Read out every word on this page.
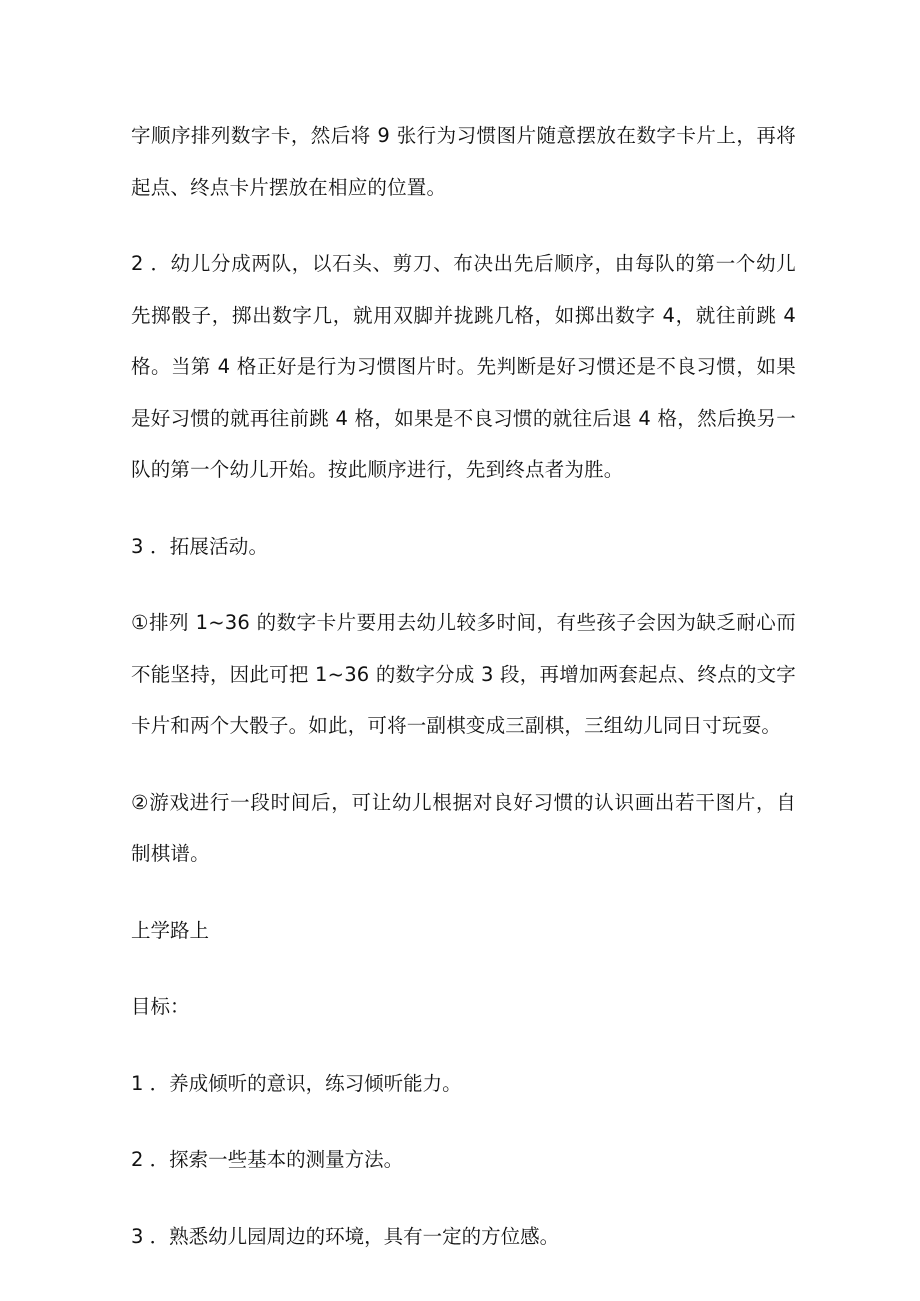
字顺序排列数字卡，然后将 9 张行为习惯图片随意摆放在数字卡片上，再将起点、终点卡片摆放在相应的位置。

2 ．幼儿分成两队，以石头、剪刀、布决出先后顺序，由每队的第一个幼儿先掷骰子，掷出数字几，就用双脚并拢跳几格，如掷出数字 4，就往前跳 4 格。当第 4 格正好是行为习惯图片时。先判断是好习惯还是不良习惯，如果是好习惯的就再往前跳 4 格，如果是不良习惯的就往后退 4 格，然后换另一队的第一个幼儿开始。按此顺序进行，先到终点者为胜。

3 ．拓展活动。

①排列 1~36 的数字卡片要用去幼儿较多时间，有些孩子会因为缺乏耐心而不能坚持，因此可把 1~36 的数字分成 3 段，再增加两套起点、终点的文字卡片和两个大骰子。如此，可将一副棋变成三副棋，三组幼儿同日寸玩耍。

②游戏进行一段时间后，可让幼儿根据对良好习惯的认识画出若干图片，自制棋谱。

上学路上

目标：

1 ．养成倾听的意识，练习倾听能力。

2 ．探索一些基本的测量方法。

3 ．熟悉幼儿园周边的环境，具有一定的方位感。
